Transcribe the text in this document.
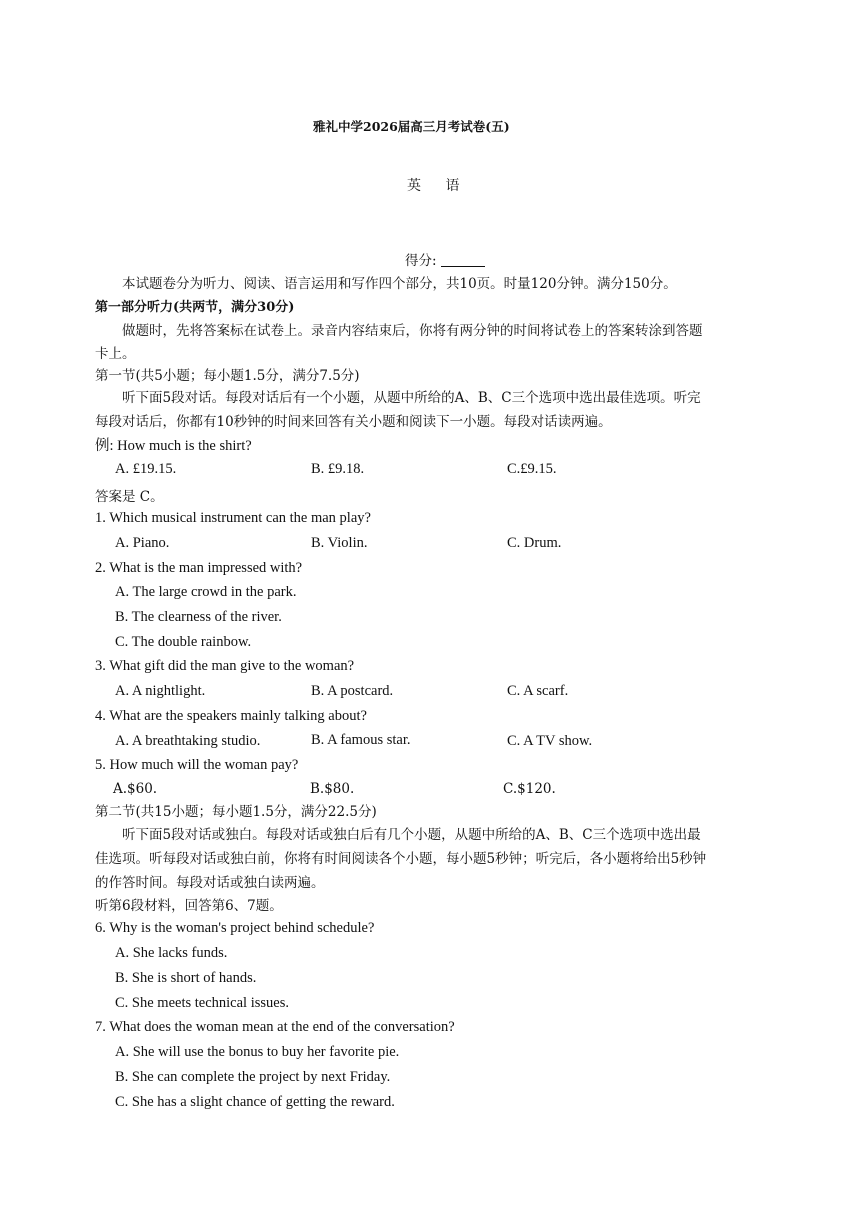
雅礼中学2026届高三月考试卷(五)
英 语
得分:
本试题卷分为听力、阅读、语言运用和写作四个部分，共10页。时量120分钟。满分150分。
第一部分听力(共两节，满分30分)
做题时，先将答案标在试卷上。录音内容结束后，你将有两分钟的时间将试卷上的答案转涂到答题
卡上。
第一节(共5小题；每小题1.5分，满分7.5分)
听下面5段对话。每段对话后有一个小题，从题中所给的A、B、C三个选项中选出最佳选项。听完
每段对话后，你都有10秒钟的时间来回答有关小题和阅读下一小题。每段对话读两遍。
例: How much is the shirt?
A. £19.15.	B. £9.18.	C.£9.15.
答案是 C。
1. Which musical instrument can the man play?
A. Piano.	B. Violin.	C. Drum.
2. What is the man impressed with?
A. The large crowd in the park.
B. The clearness of the river.
C. The double rainbow.
3. What gift did the man give to the woman?
A. A nightlight.	B. A postcard.	C. A scarf.
4. What are the speakers mainly talking about?
A. A breathtaking studio.	B. A famous star.	C. A TV show.
5. How much will the woman pay?
A.$60.	B.$80.	C.$120.
第二节(共15小题；每小题1.5分，满分22.5分)
听下面5段对话或独白。每段对话或独白后有几个小题，从题中所给的A、B、C三个选项中选出最
佳选项。听每段对话或独白前，你将有时间阅读各个小题，每小题5秒钟；听完后，各小题将给出5秒钟
的作答时间。每段对话或独白读两遍。
听第6段材料，回答第6、7题。
6. Why is the woman's project behind schedule?
A. She lacks funds.
B. She is short of hands.
C. She meets technical issues.
7. What does the woman mean at the end of the conversation?
A. She will use the bonus to buy her favorite pie.
B. She can complete the project by next Friday.
C. She has a slight chance of getting the reward.
